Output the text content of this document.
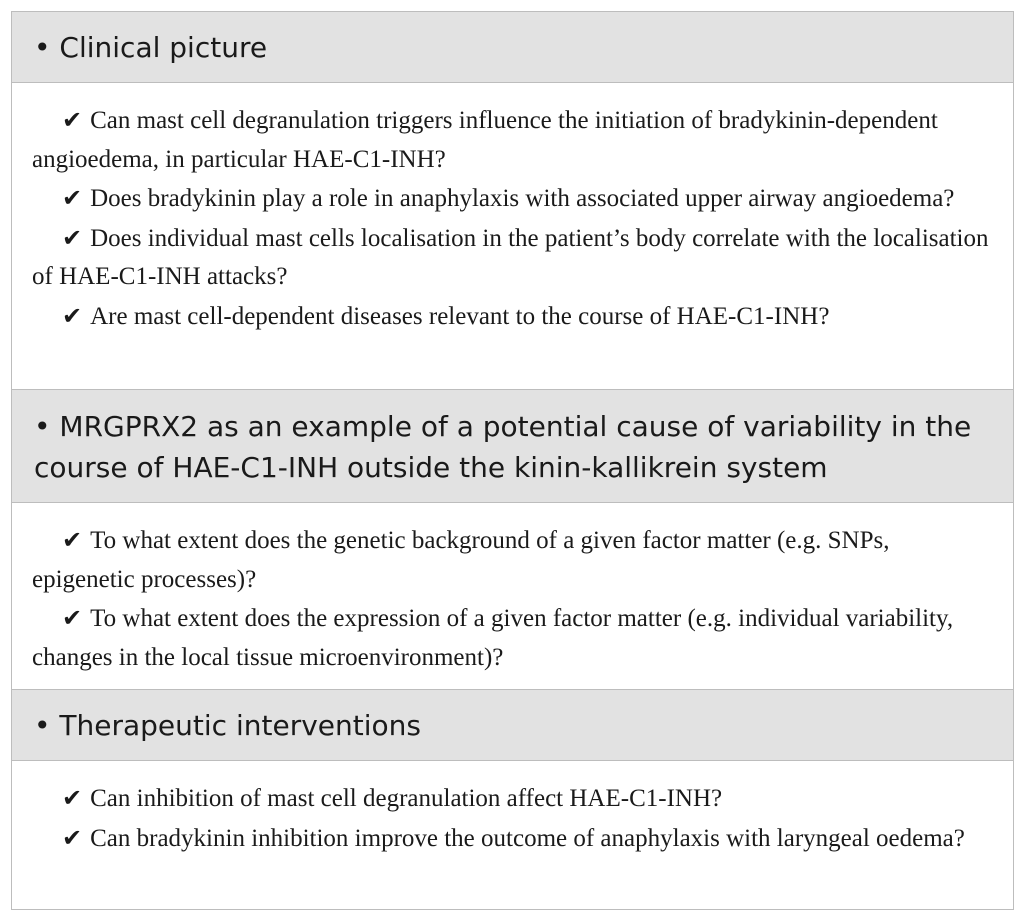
• Clinical picture

✔ Can mast cell degranulation triggers influence the initiation of bradykinin-dependent angioedema, in particular HAE-C1-INH?

✔ Does bradykinin play a role in anaphylaxis with associated upper airway angioedema?

✔ Does individual mast cells localisation in the patient’s body correlate with the localisation of HAE-C1-INH attacks?

✔ Are mast cell-dependent diseases relevant to the course of HAE-C1-INH?

• MRGPRX2 as an example of a potential cause of variability in the course of HAE-C1-INH outside the kinin-kallikrein system

✔ To what extent does the genetic background of a given factor matter (e.g. SNPs, epigenetic processes)?

✔ To what extent does the expression of a given factor matter (e.g. individual variability, changes in the local tissue microenvironment)?

• Therapeutic interventions

✔ Can inhibition of mast cell degranulation affect HAE-C1-INH?

✔ Can bradykinin inhibition improve the outcome of anaphylaxis with laryngeal oedema?
